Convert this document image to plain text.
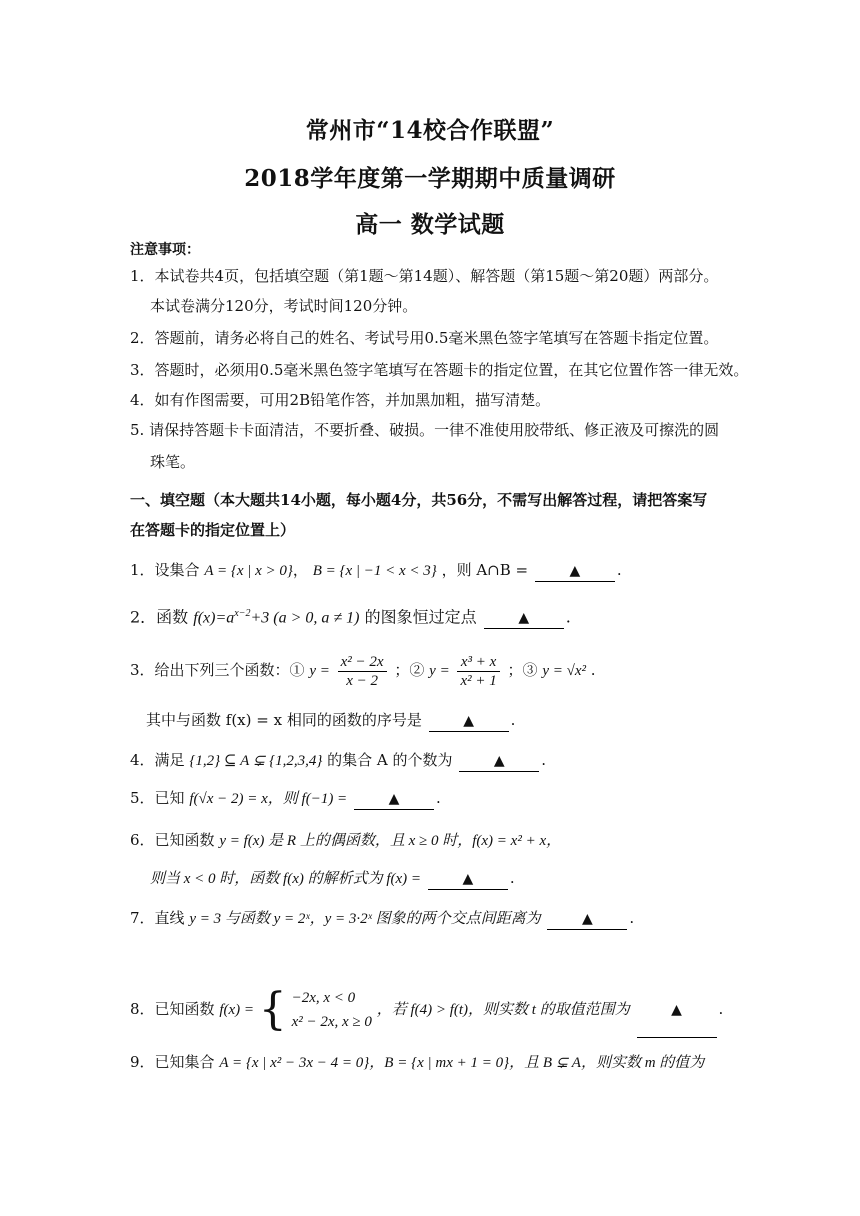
常州市“14校合作联盟”
2018学年度第一学期期中质量调研
高一 数学试题
注意事项：
1．本试卷共4页，包括填空题（第1题～第14题）、解答题（第15题～第20题）两部分。
本试卷满分120分，考试时间120分钟。
2．答题前，请务必将自己的姓名、考试号用0.5毫米黑色签字笔填写在答题卡指定位置。
3．答题时，必须用0.5毫米黑色签字笔填写在答题卡的指定位置，在其它位置作答一律无效。
4．如有作图需要，可用2B铅笔作答，并加黑加粗，描写清楚。
5. 请保持答题卡卡面清洁，不要折叠、破损。一律不准使用胶带纸、修正液及可擦洗的圆
珠笔。
一、填空题（本大题共14小题，每小题4分，共56分，不需写出解答过程，请把答案写
在答题卡的指定位置上）
1．设集合 A = {x | x > 0}， B = {x | −1 < x < 3} ，则 A∩B =	▲ .
2．函数 $f(x)=a^{x-2}+3$ (a > 0, a ≠ 1) 的图象恒过定点	▲ .
3．给出下列三个函数：① $y = \frac{\text{x² − 2x}}{x - 2}$ ；② $y = \frac{\text{x³ + x}}{\text{x² + 1}}$ ；③ y = √x² .
其中与函数 f(x) = x 相同的函数的序号是	▲ .
4．满足 {1,2} ⊆ A ⊊ {1,2,3,4} 的集合 A 的个数为	▲ .
5．已知 f(√x − 2) = x，则 f(−1) =	▲ .
6．已知函数 y = f(x) 是 R 上的偶函数，且 x ≥ 0 时，f(x) = x² + x，
则当 x < 0 时，函数 f(x) 的解析式为 f(x) =	▲ .
7．直线 y = 3 与函数 y = 2ˣ，y = 3·2ˣ 图象的两个交点间距离为	▲ .
8．已知函数 f(x) = { −2x, x < 0
x² − 2x, x ≥ 0
，若 f(4) > f(t)，则实数 t 的取值范围为	▲ .
9．已知集合 A = {x | x² − 3x − 4 = 0}，B = {x | mx + 1 = 0}，且 B ⊊ A，则实数 m 的值为
